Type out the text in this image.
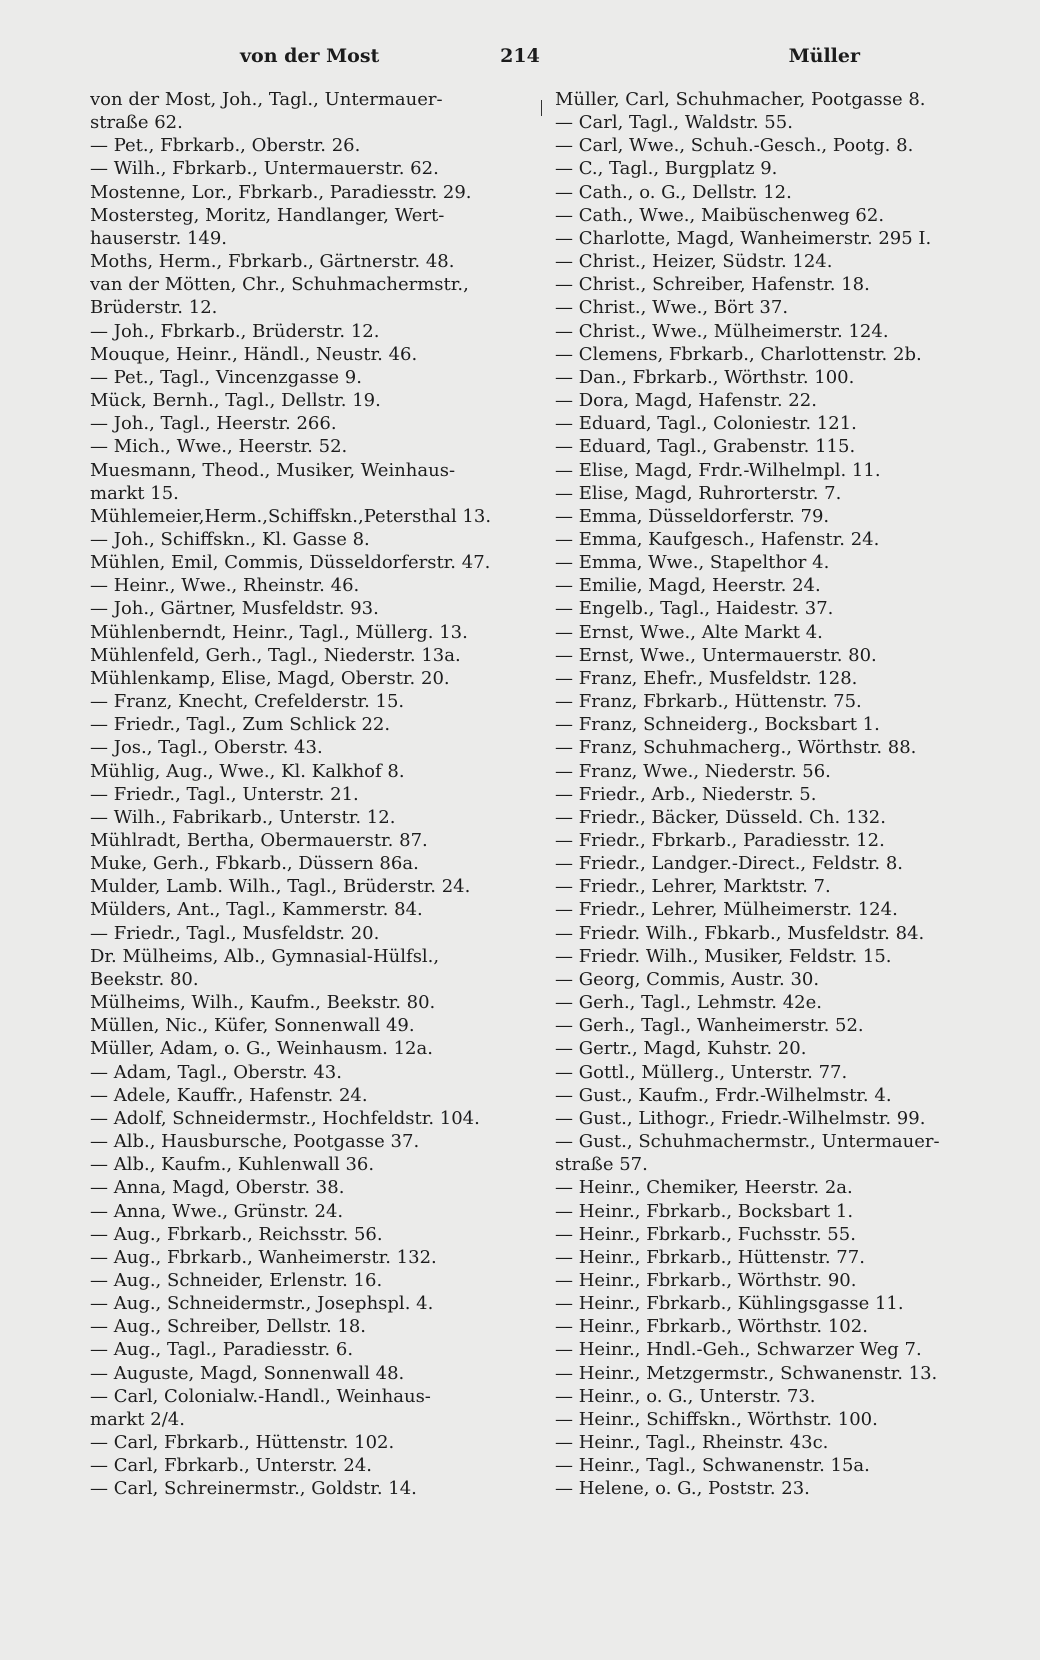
214
von der Most	Müller

von der Most, Joh., Tagl., Untermauer-

straße 62.

— Pet., Fbrkarb., Oberstr. 26.

— Wilh., Fbrkarb., Untermauerstr. 62.

Mostenne, Lor., Fbrkarb., Paradiesstr. 29.

Mostersteg, Moritz, Handlanger, Wert-

hauserstr. 149.

Moths, Herm., Fbrkarb., Gärtnerstr. 48.

van der Mötten, Chr., Schuhmachermstr.,

Brüderstr. 12.

— Joh., Fbrkarb., Brüderstr. 12.

Mouque, Heinr., Händl., Neustr. 46.

— Pet., Tagl., Vincenzgasse 9.

Mück, Bernh., Tagl., Dellstr. 19.

— Joh., Tagl., Heerstr. 266.

— Mich., Wwe., Heerstr. 52.

Muesmann, Theod., Musiker, Weinhaus-

markt 15.

Mühlemeier,Herm.,Schiffskn.,Petersthal 13.

— Joh., Schiffskn., Kl. Gasse 8.

Mühlen, Emil, Commis, Düsseldorferstr. 47.

— Heinr., Wwe., Rheinstr. 46.

— Joh., Gärtner, Musfeldstr. 93.

Mühlenberndt, Heinr., Tagl., Müllerg. 13.

Mühlenfeld, Gerh., Tagl., Niederstr. 13a.

Mühlenkamp, Elise, Magd, Oberstr. 20.

— Franz, Knecht, Crefelderstr. 15.

— Friedr., Tagl., Zum Schlick 22.

— Jos., Tagl., Oberstr. 43.

Mühlig, Aug., Wwe., Kl. Kalkhof 8.

— Friedr., Tagl., Unterstr. 21.

— Wilh., Fabrikarb., Unterstr. 12.

Mühlradt, Bertha, Obermauerstr. 87.

Muke, Gerh., Fbkarb., Düssern 86a.

Mulder, Lamb. Wilh., Tagl., Brüderstr. 24.

Mülders, Ant., Tagl., Kammerstr. 84.

— Friedr., Tagl., Musfeldstr. 20.

Dr. Mülheims, Alb., Gymnasial-Hülfsl.,

Beekstr. 80.

Mülheims, Wilh., Kaufm., Beekstr. 80.

Müllen, Nic., Küfer, Sonnenwall 49.

Müller, Adam, o. G., Weinhausm. 12a.

— Adam, Tagl., Oberstr. 43.

— Adele, Kauffr., Hafenstr. 24.

— Adolf, Schneidermstr., Hochfeldstr. 104.

— Alb., Hausbursche, Pootgasse 37.

— Alb., Kaufm., Kuhlenwall 36.

— Anna, Magd, Oberstr. 38.

— Anna, Wwe., Grünstr. 24.

— Aug., Fbrkarb., Reichsstr. 56.

— Aug., Fbrkarb., Wanheimerstr. 132.

— Aug., Schneider, Erlenstr. 16.

— Aug., Schneidermstr., Josephspl. 4.

— Aug., Schreiber, Dellstr. 18.

— Aug., Tagl., Paradiesstr. 6.

— Auguste, Magd, Sonnenwall 48.

— Carl, Colonialw.-Handl., Weinhaus-

markt 2/4.

— Carl, Fbrkarb., Hüttenstr. 102.

— Carl, Fbrkarb., Unterstr. 24.

— Carl, Schreinermstr., Goldstr. 14.

Müller, Carl, Schuhmacher, Pootgasse 8.

— Carl, Tagl., Waldstr. 55.

— Carl, Wwe., Schuh.-Gesch., Pootg. 8.

— C., Tagl., Burgplatz 9.

— Cath., o. G., Dellstr. 12.

— Cath., Wwe., Maibüschenweg 62.

— Charlotte, Magd, Wanheimerstr. 295 I.

— Christ., Heizer, Südstr. 124.

— Christ., Schreiber, Hafenstr. 18.

— Christ., Wwe., Bört 37.

— Christ., Wwe., Mülheimerstr. 124.

— Clemens, Fbrkarb., Charlottenstr. 2b.

— Dan., Fbrkarb., Wörthstr. 100.

— Dora, Magd, Hafenstr. 22.

— Eduard, Tagl., Coloniestr. 121.

— Eduard, Tagl., Grabenstr. 115.

— Elise, Magd, Frdr.-Wilhelmpl. 11.

— Elise, Magd, Ruhrorterstr. 7.

— Emma, Düsseldorferstr. 79.

— Emma, Kaufgesch., Hafenstr. 24.

— Emma, Wwe., Stapelthor 4.

— Emilie, Magd, Heerstr. 24.

— Engelb., Tagl., Haidestr. 37.

— Ernst, Wwe., Alte Markt 4.

— Ernst, Wwe., Untermauerstr. 80.

— Franz, Ehefr., Musfeldstr. 128.

— Franz, Fbrkarb., Hüttenstr. 75.

— Franz, Schneiderg., Bocksbart 1.

— Franz, Schuhmacherg., Wörthstr. 88.

— Franz, Wwe., Niederstr. 56.

— Friedr., Arb., Niederstr. 5.

— Friedr., Bäcker, Düsseld. Ch. 132.

— Friedr., Fbrkarb., Paradiesstr. 12.

— Friedr., Landger.-Direct., Feldstr. 8.

— Friedr., Lehrer, Marktstr. 7.

— Friedr., Lehrer, Mülheimerstr. 124.

— Friedr. Wilh., Fbkarb., Musfeldstr. 84.

— Friedr. Wilh., Musiker, Feldstr. 15.

— Georg, Commis, Austr. 30.

— Gerh., Tagl., Lehmstr. 42e.

— Gerh., Tagl., Wanheimerstr. 52.

— Gertr., Magd, Kuhstr. 20.

— Gottl., Müllerg., Unterstr. 77.

— Gust., Kaufm., Frdr.-Wilhelmstr. 4.

— Gust., Lithogr., Friedr.-Wilhelmstr. 99.

— Gust., Schuhmachermstr., Untermauer-

straße 57.

— Heinr., Chemiker, Heerstr. 2a.

— Heinr., Fbrkarb., Bocksbart 1.

— Heinr., Fbrkarb., Fuchsstr. 55.

— Heinr., Fbrkarb., Hüttenstr. 77.

— Heinr., Fbrkarb., Wörthstr. 90.

— Heinr., Fbrkarb., Kühlingsgasse 11.

— Heinr., Fbrkarb., Wörthstr. 102.

— Heinr., Hndl.-Geh., Schwarzer Weg 7.

— Heinr., Metzgermstr., Schwanenstr. 13.

— Heinr., o. G., Unterstr. 73.

— Heinr., Schiffskn., Wörthstr. 100.

— Heinr., Tagl., Rheinstr. 43c.

— Heinr., Tagl., Schwanenstr. 15a.

— Helene, o. G., Poststr. 23.
